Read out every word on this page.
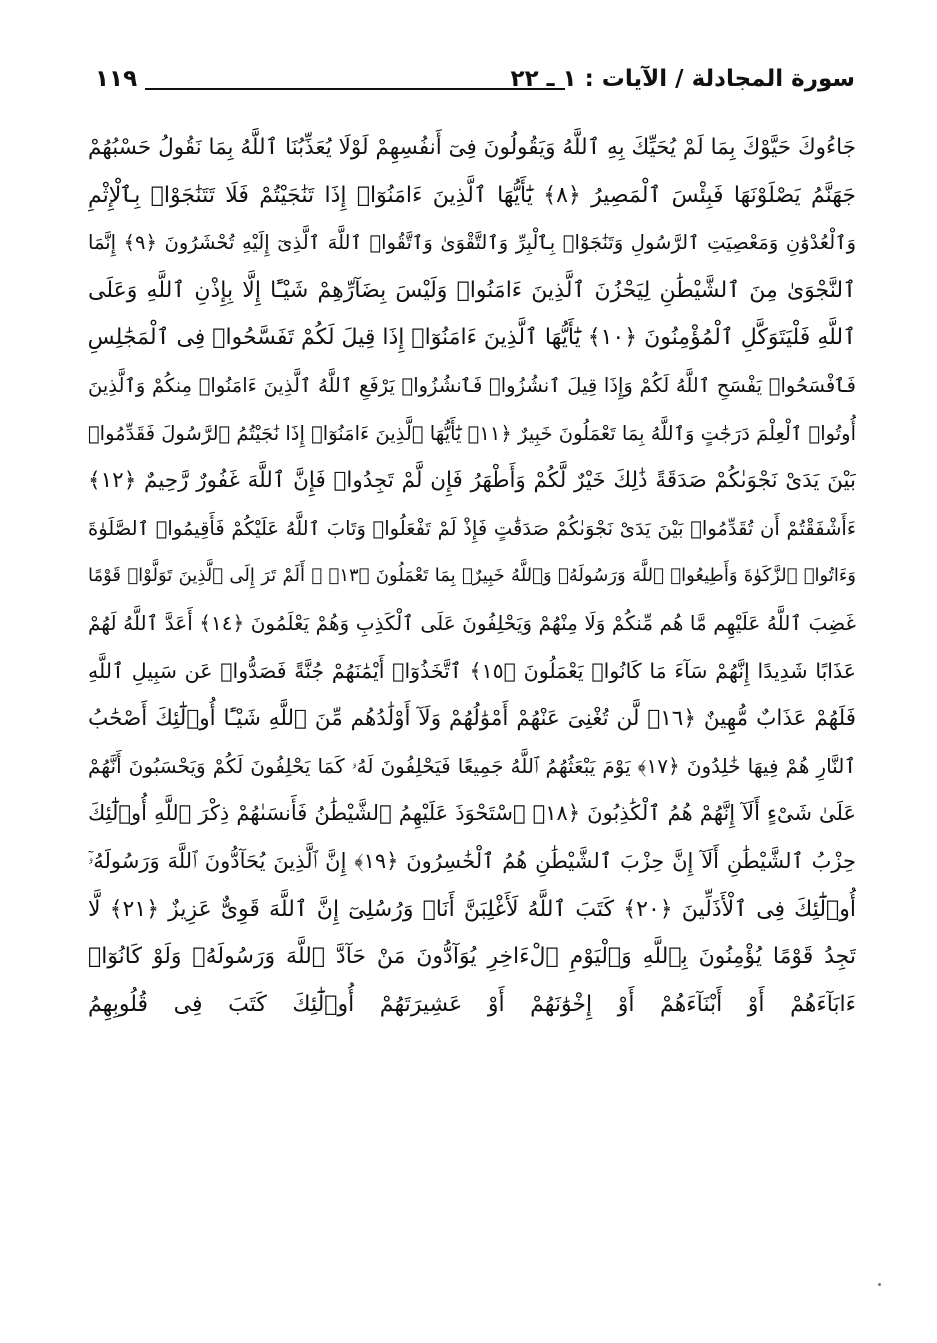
سورة المجادلة / الآيات : ١ ـ ٢٢
١١٩
جَاءُوكَ حَيَّوْكَ بِمَا لَمْ يُحَيِّكَ بِهِ ٱللَّهُ وَيَقُولُونَ فِىٓ أَنفُسِهِمْ لَوْلَا يُعَذِّبُنَا ٱللَّهُ بِمَا نَقُولُ حَسْبُهُمْ
جَهَنَّمُ يَصْلَوْنَهَا فَبِئْسَ ٱلْمَصِيرُ ﴿٨﴾ يَٰٓأَيُّهَا ٱلَّذِينَ ءَامَنُوٓا۟ إِذَا تَنَٰجَيْتُمْ فَلَا تَتَنَٰجَوْا۟ بِٱلْإِثْمِ
وَٱلْعُدْوَٰنِ وَمَعْصِيَتِ ٱلرَّسُولِ وَتَنَٰجَوْا۟ بِٱلْبِرِّ وَٱلتَّقْوَىٰ وَٱتَّقُوا۟ ٱللَّهَ ٱلَّذِىٓ إِلَيْهِ تُحْشَرُونَ ﴿٩﴾ إِنَّمَا
ٱلنَّجْوَىٰ مِنَ ٱلشَّيْطَٰنِ لِيَحْزُنَ ٱلَّذِينَ ءَامَنُوا۟ وَلَيْسَ بِضَآرِّهِمْ شَيْـًٔا إِلَّا بِإِذْنِ ٱللَّهِ وَعَلَى
ٱللَّهِ فَلْيَتَوَكَّلِ ٱلْمُؤْمِنُونَ ﴿١٠﴾ يَٰٓأَيُّهَا ٱلَّذِينَ ءَامَنُوٓا۟ إِذَا قِيلَ لَكُمْ تَفَسَّحُوا۟ فِى ٱلْمَجَٰلِسِ
فَٱفْسَحُوا۟ يَفْسَحِ ٱللَّهُ لَكُمْ وَإِذَا قِيلَ ٱنشُزُوا۟ فَٱنشُزُوا۟ يَرْفَعِ ٱللَّهُ ٱلَّذِينَ ءَامَنُوا۟ مِنكُمْ وَٱلَّذِينَ
أُوتُوا۟ ٱلْعِلْمَ دَرَجَٰتٍ وَٱللَّهُ بِمَا تَعْمَلُونَ خَبِيرٌ ﴿١١﴾ يَٰٓأَيُّهَا ٱلَّذِينَ ءَامَنُوٓا۟ إِذَا نَٰجَيْتُمُ ٱلرَّسُولَ فَقَدِّمُوا۟
بَيْنَ يَدَىْ نَجْوَىٰكُمْ صَدَقَةً ذَٰلِكَ خَيْرٌ لَّكُمْ وَأَطْهَرُ فَإِن لَّمْ تَجِدُوا۟ فَإِنَّ ٱللَّهَ غَفُورٌ رَّحِيمٌ ﴿١٢﴾
ءَأَشْفَقْتُمْ أَن تُقَدِّمُوا۟ بَيْنَ يَدَىْ نَجْوَىٰكُمْ صَدَقَٰتٍ فَإِذْ لَمْ تَفْعَلُوا۟ وَتَابَ ٱللَّهُ عَلَيْكُمْ فَأَقِيمُوا۟ ٱلصَّلَوٰةَ
وَءَاتُوا۟ ٱلزَّكَوٰةَ وَأَطِيعُوا۟ ٱللَّهَ وَرَسُولَهُۥ وَٱللَّهُ خَبِيرٌۢ بِمَا تَعْمَلُونَ ﴿١٣﴾ ۞ أَلَمْ تَرَ إِلَى ٱلَّذِينَ تَوَلَّوْا۟ قَوْمًا
غَضِبَ ٱللَّهُ عَلَيْهِم مَّا هُم مِّنكُمْ وَلَا مِنْهُمْ وَيَحْلِفُونَ عَلَى ٱلْكَذِبِ وَهُمْ يَعْلَمُونَ ﴿١٤﴾ أَعَدَّ ٱللَّهُ لَهُمْ
عَذَابًا شَدِيدًا إِنَّهُمْ سَآءَ مَا كَانُوا۟ يَعْمَلُونَ ﴿١٥﴾ ٱتَّخَذُوٓا۟ أَيْمَٰنَهُمْ جُنَّةً فَصَدُّوا۟ عَن سَبِيلِ ٱللَّهِ
فَلَهُمْ عَذَابٌ مُّهِينٌ ﴿١٦﴾ لَّن تُغْنِىَ عَنْهُمْ أَمْوَٰلُهُمْ وَلَآ أَوْلَٰدُهُم مِّنَ ٱللَّهِ شَيْـًٔا أُو۟لَٰٓئِكَ أَصْحَٰبُ
ٱلنَّارِ هُمْ فِيهَا خَٰلِدُونَ ﴿١٧﴾ يَوْمَ يَبْعَثُهُمُ ٱللَّهُ جَمِيعًا فَيَحْلِفُونَ لَهُۥ كَمَا يَحْلِفُونَ لَكُمْ وَيَحْسَبُونَ أَنَّهُمْ
عَلَىٰ شَىْءٍ أَلَآ إِنَّهُمْ هُمُ ٱلْكَٰذِبُونَ ﴿١٨﴾ ٱسْتَحْوَذَ عَلَيْهِمُ ٱلشَّيْطَٰنُ فَأَنسَىٰهُمْ ذِكْرَ ٱللَّهِ أُو۟لَٰٓئِكَ
حِزْبُ ٱلشَّيْطَٰنِ أَلَآ إِنَّ حِزْبَ ٱلشَّيْطَٰنِ هُمُ ٱلْخَٰسِرُونَ ﴿١٩﴾ إِنَّ ٱلَّذِينَ يُحَآدُّونَ ٱللَّهَ وَرَسُولَهُۥٓ
أُو۟لَٰٓئِكَ فِى ٱلْأَذَلِّينَ ﴿٢٠﴾ كَتَبَ ٱللَّهُ لَأَغْلِبَنَّ أَنَا۠ وَرُسُلِىٓ إِنَّ ٱللَّهَ قَوِىٌّ عَزِيزٌ ﴿٢١﴾ لَّا
تَجِدُ قَوْمًا يُؤْمِنُونَ بِٱللَّهِ وَٱلْيَوْمِ ٱلْءَاخِرِ يُوَآدُّونَ مَنْ حَآدَّ ٱللَّهَ وَرَسُولَهُۥ وَلَوْ كَانُوٓا۟
ءَابَآءَهُمْ أَوْ أَبْنَآءَهُمْ أَوْ إِخْوَٰنَهُمْ أَوْ عَشِيرَتَهُمْ أُو۟لَٰٓئِكَ كَتَبَ فِى قُلُوبِهِمُ
